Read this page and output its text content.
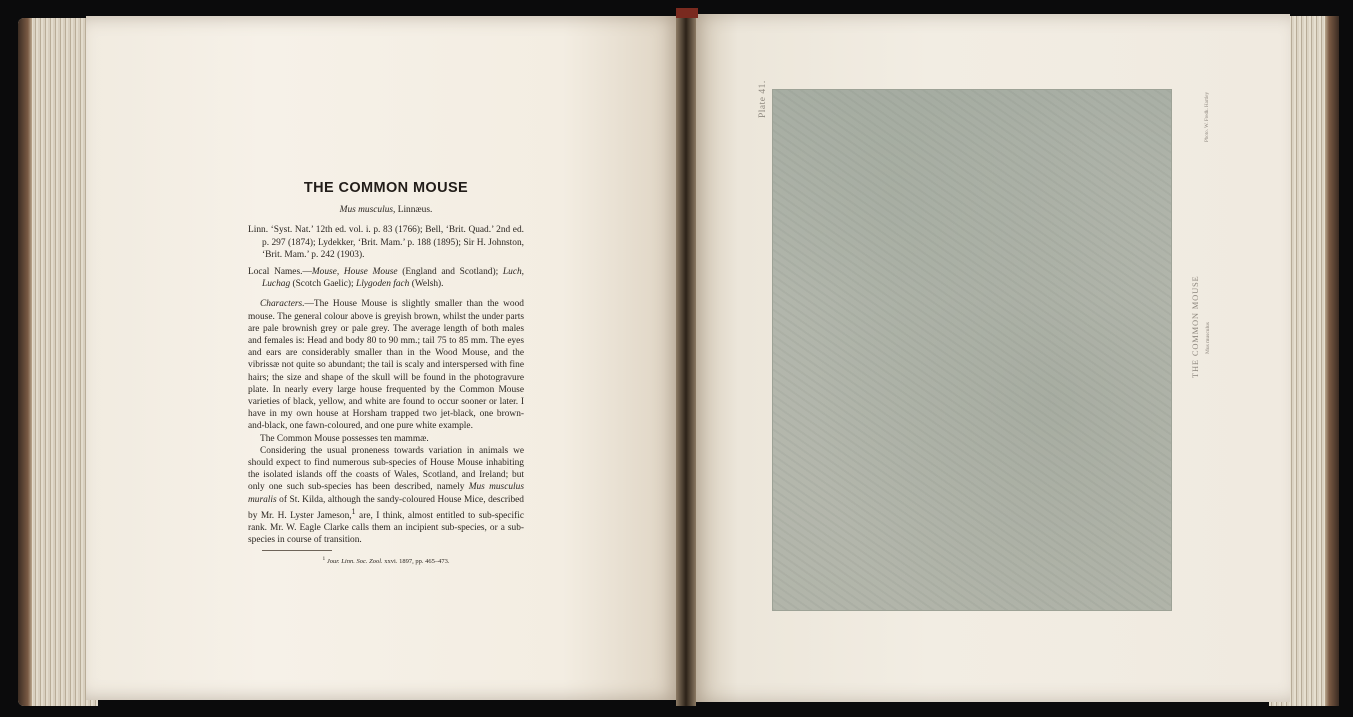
THE COMMON MOUSE

Mus musculus, Linnæus.

Linn. ‘Syst. Nat.’ 12th ed. vol. i. p. 83 (1766); Bell, ‘Brit. Quad.’ 2nd ed. p. 297 (1874); Lydekker, ‘Brit. Mam.’ p. 188 (1895); Sir H. Johnston, ‘Brit. Mam.’ p. 242 (1903).

Local Names.—Mouse, House Mouse (England and Scotland); Luch, Luchag (Scotch Gaelic); Llygoden fach (Welsh).

Characters.—The House Mouse is slightly smaller than the wood mouse. The general colour above is greyish brown, whilst the under parts are pale brownish grey or pale grey. The average length of both males and females is: Head and body 80 to 90 mm.; tail 75 to 85 mm. The eyes and ears are considerably smaller than in the Wood Mouse, and the vibrissæ not quite so abundant; the tail is scaly and interspersed with fine hairs; the size and shape of the skull will be found in the photogravure plate. In nearly every large house frequented by the Common Mouse varieties of black, yellow, and white are found to occur sooner or later. I have in my own house at Horsham trapped two jet-black, one brown-and-black, one fawn-coloured, and one pure white example.

The Common Mouse possesses ten mammæ.

Considering the usual proneness towards variation in animals we should expect to find numerous sub-species of House Mouse inhabiting the isolated islands off the coasts of Wales, Scotland, and Ireland; but only one such sub-species has been described, namely Mus musculus muralis of St. Kilda, although the sandy-coloured House Mice, described by Mr. H. Lyster Jameson,$^1$ are, I think, almost entitled to sub-specific rank. Mr. W. Eagle Clarke calls them an incipient sub-species, or a sub-species in course of transition.

$^1$ Jour. Linn. Soc. Zool. xxvi. 1897, pp. 465–473.

Plate 41.
THE COMMON MOUSE Mus musculus
Photo. W. Fredk. Hartley
